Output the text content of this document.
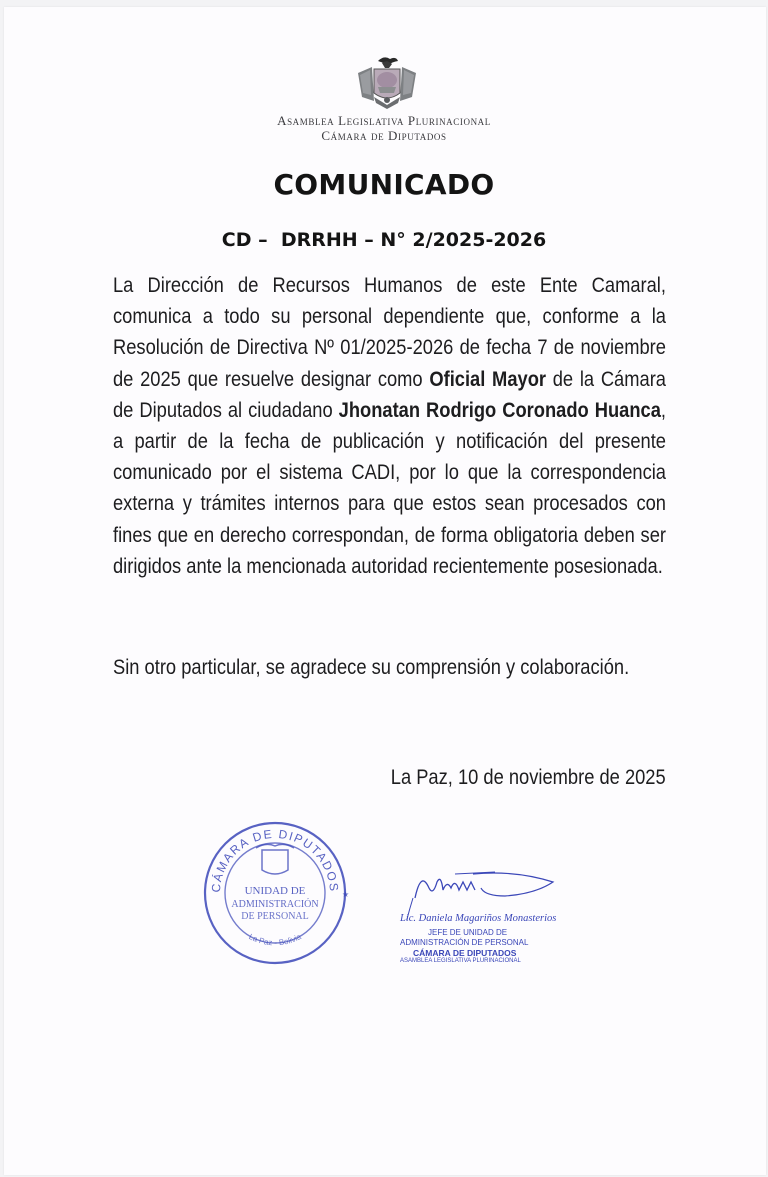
Asamblea Legislativa Plurinacional
Cámara de Diputados
COMUNICADO
CD –  DRRHH – N° 2/2025-2026
La Dirección de Recursos Humanos de este Ente Camaral, comunica a todo su personal dependiente que, conforme a la Resolución de Directiva Nº 01/2025-2026 de fecha 7 de noviembre de 2025 que resuelve designar como Oficial Mayor de la Cámara de Diputados al ciudadano Jhonatan Rodrigo Coronado Huanca, a partir de la fecha de publicación y notificación del presente comunicado por el sistema CADI, por lo que la correspondencia externa y trámites internos para que estos sean procesados con fines que en derecho correspondan, de forma obligatoria deben ser dirigidos ante la mencionada autoridad recientemente posesionada.
Sin otro particular, se agradece su comprensión y colaboración.
La Paz, 10 de noviembre de 2025
CÁMARA DE DIPUTADOS
La Paz - Bolivia
UNIDAD DE
ADMINISTRACIÓN
DE PERSONAL
★
Lic. Daniela Magariños Monasterios
JEFE DE UNIDAD DE
ADMINISTRACIÓN DE PERSONAL
CÁMARA DE DIPUTADOS
ASAMBLEA LEGISLATIVA PLURINACIONAL
